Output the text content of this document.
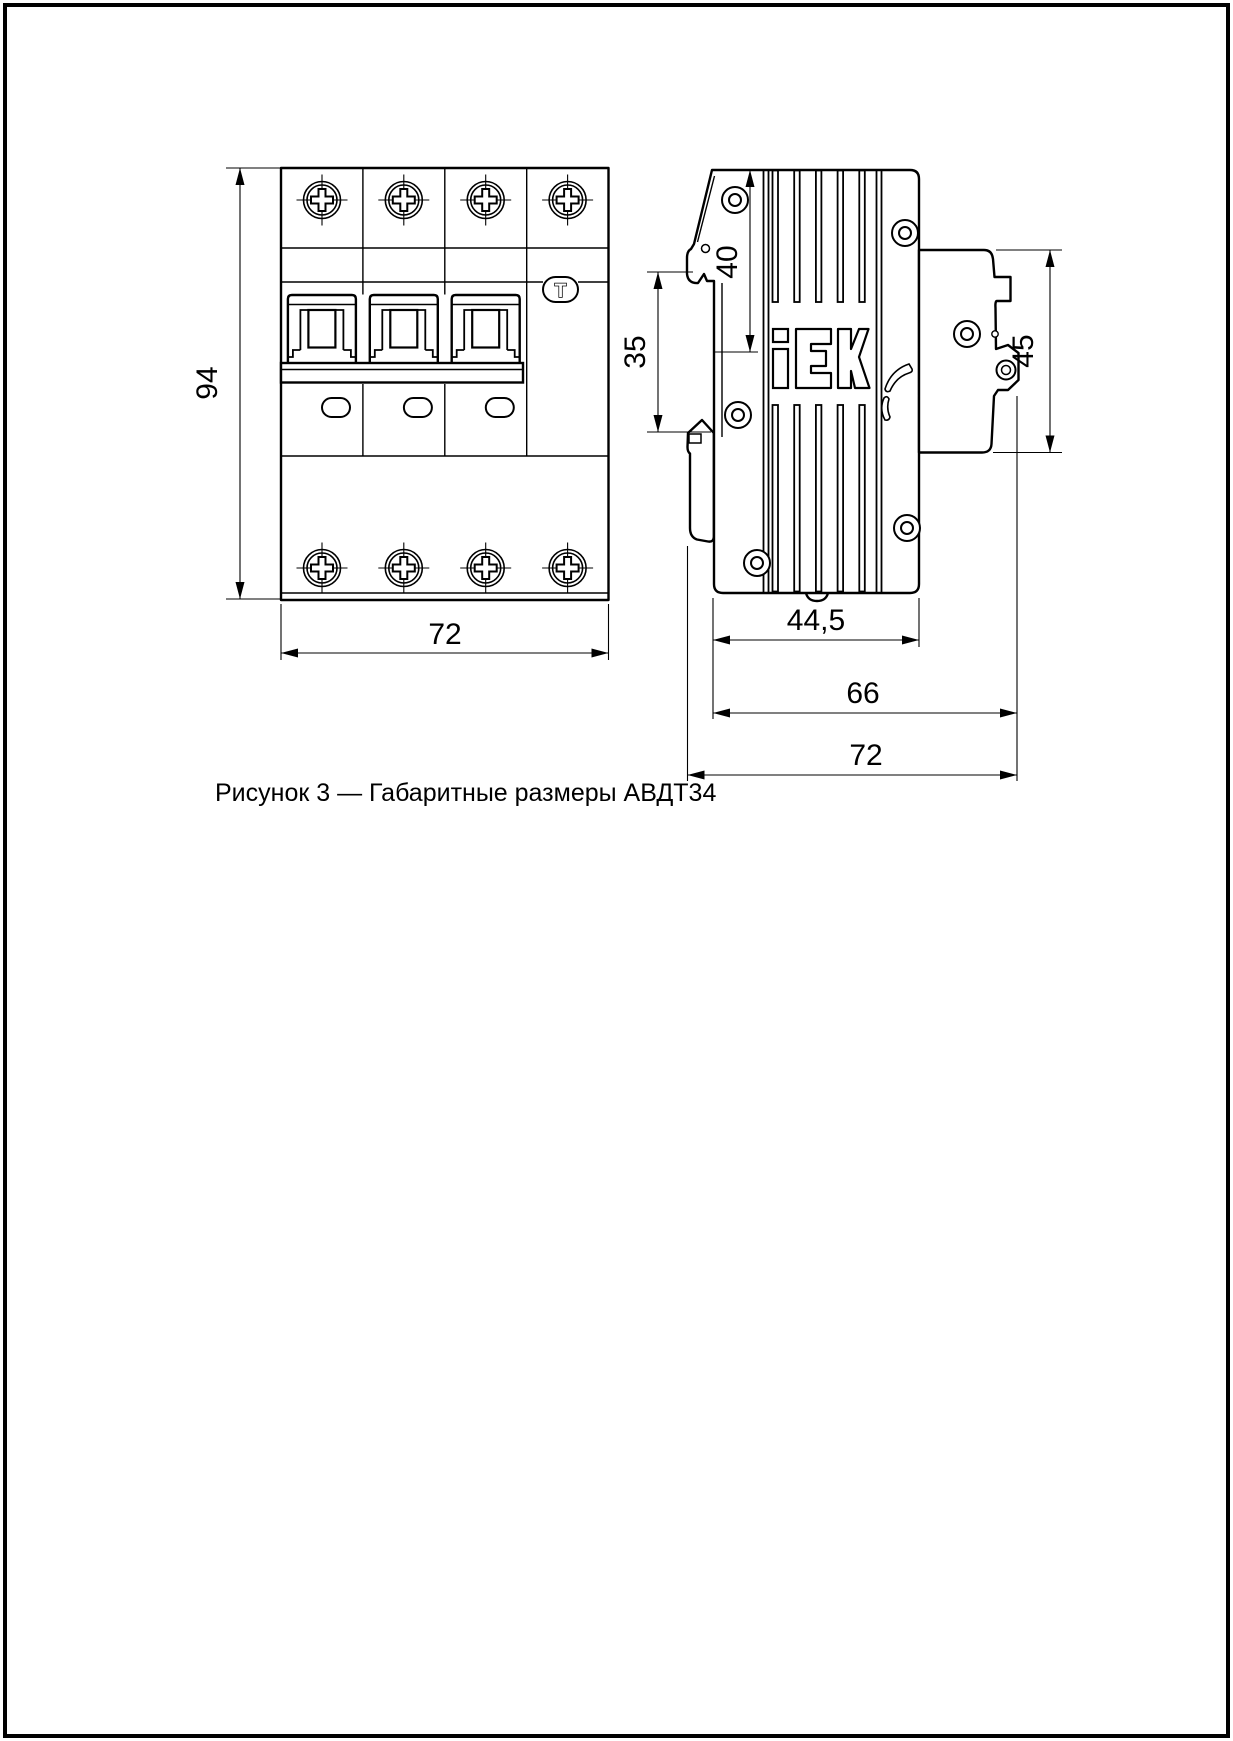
T
94
72
40
35	45
44,5
66
72
Рисунок 3 — Габаритные размеры АВДТ34
